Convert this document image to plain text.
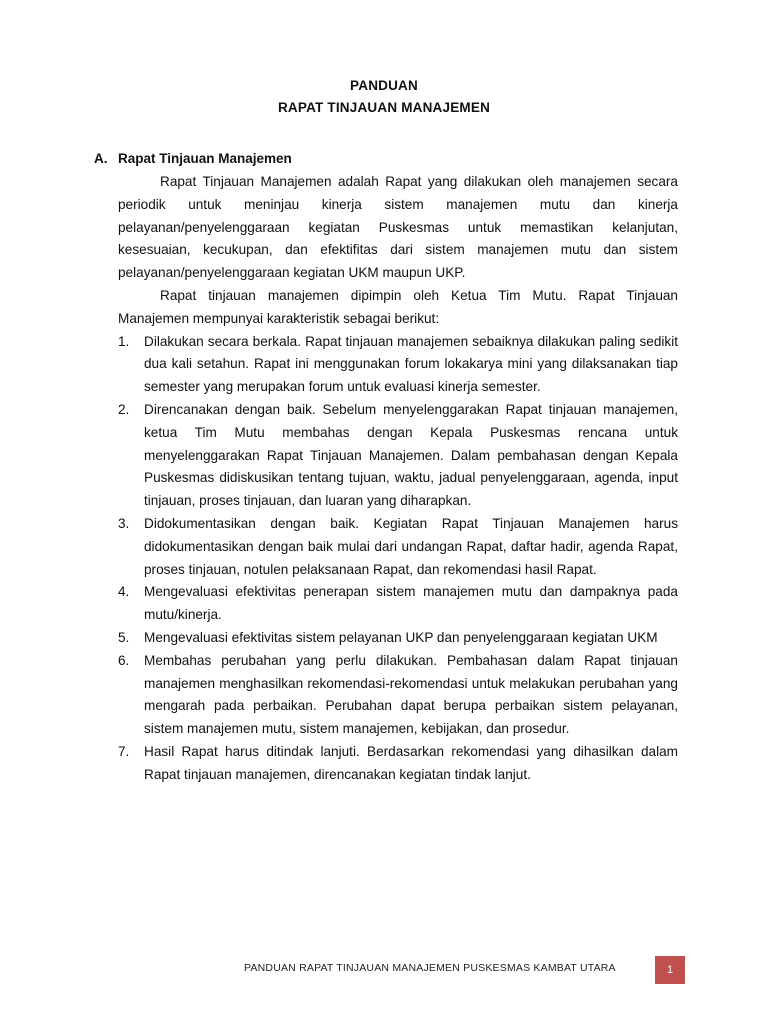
PANDUAN
RAPAT TINJAUAN MANAJEMEN
A. Rapat Tinjauan Manajemen

Rapat Tinjauan Manajemen adalah Rapat yang dilakukan oleh manajemen secara periodik untuk meninjau kinerja sistem manajemen mutu dan kinerja pelayanan/penyelenggaraan kegiatan Puskesmas untuk memastikan kelanjutan, kesesuaian, kecukupan, dan efektifitas dari sistem manajemen mutu dan sistem pelayanan/penyelenggaraan kegiatan UKM maupun UKP.

Rapat tinjauan manajemen dipimpin oleh Ketua Tim Mutu. Rapat Tinjauan Manajemen mempunyai karakteristik sebagai berikut:

1. Dilakukan secara berkala. Rapat tinjauan manajemen sebaiknya dilakukan paling sedikit dua kali setahun. Rapat ini menggunakan forum lokakarya mini yang dilaksanakan tiap semester yang merupakan forum untuk evaluasi kinerja semester.
2. Direncanakan dengan baik. Sebelum menyelenggarakan Rapat tinjauan manajemen, ketua Tim Mutu membahas dengan Kepala Puskesmas rencana untuk menyelenggarakan Rapat Tinjauan Manajemen. Dalam pembahasan dengan Kepala Puskesmas didiskusikan tentang tujuan, waktu, jadual penyelenggaraan, agenda, input tinjauan, proses tinjauan, dan luaran yang diharapkan.
3. Didokumentasikan dengan baik. Kegiatan Rapat Tinjauan Manajemen harus didokumentasikan dengan baik mulai dari undangan Rapat, daftar hadir, agenda Rapat, proses tinjauan, notulen pelaksanaan Rapat, dan rekomendasi hasil Rapat.
4. Mengevaluasi efektivitas penerapan sistem manajemen mutu dan dampaknya pada mutu/kinerja.
5. Mengevaluasi efektivitas sistem pelayanan UKP dan penyelenggaraan kegiatan UKM
6. Membahas perubahan yang perlu dilakukan. Pembahasan dalam Rapat tinjauan manajemen menghasilkan rekomendasi-rekomendasi untuk melakukan perubahan yang mengarah pada perbaikan. Perubahan dapat berupa perbaikan sistem pelayanan, sistem manajemen mutu, sistem manajemen, kebijakan, dan prosedur.
7. Hasil Rapat harus ditindak lanjuti. Berdasarkan rekomendasi yang dihasilkan dalam Rapat tinjauan manajemen, direncanakan kegiatan tindak lanjut.
PANDUAN RAPAT TINJAUAN MANAJEMEN PUSKESMAS KAMBAT UTARA	1
